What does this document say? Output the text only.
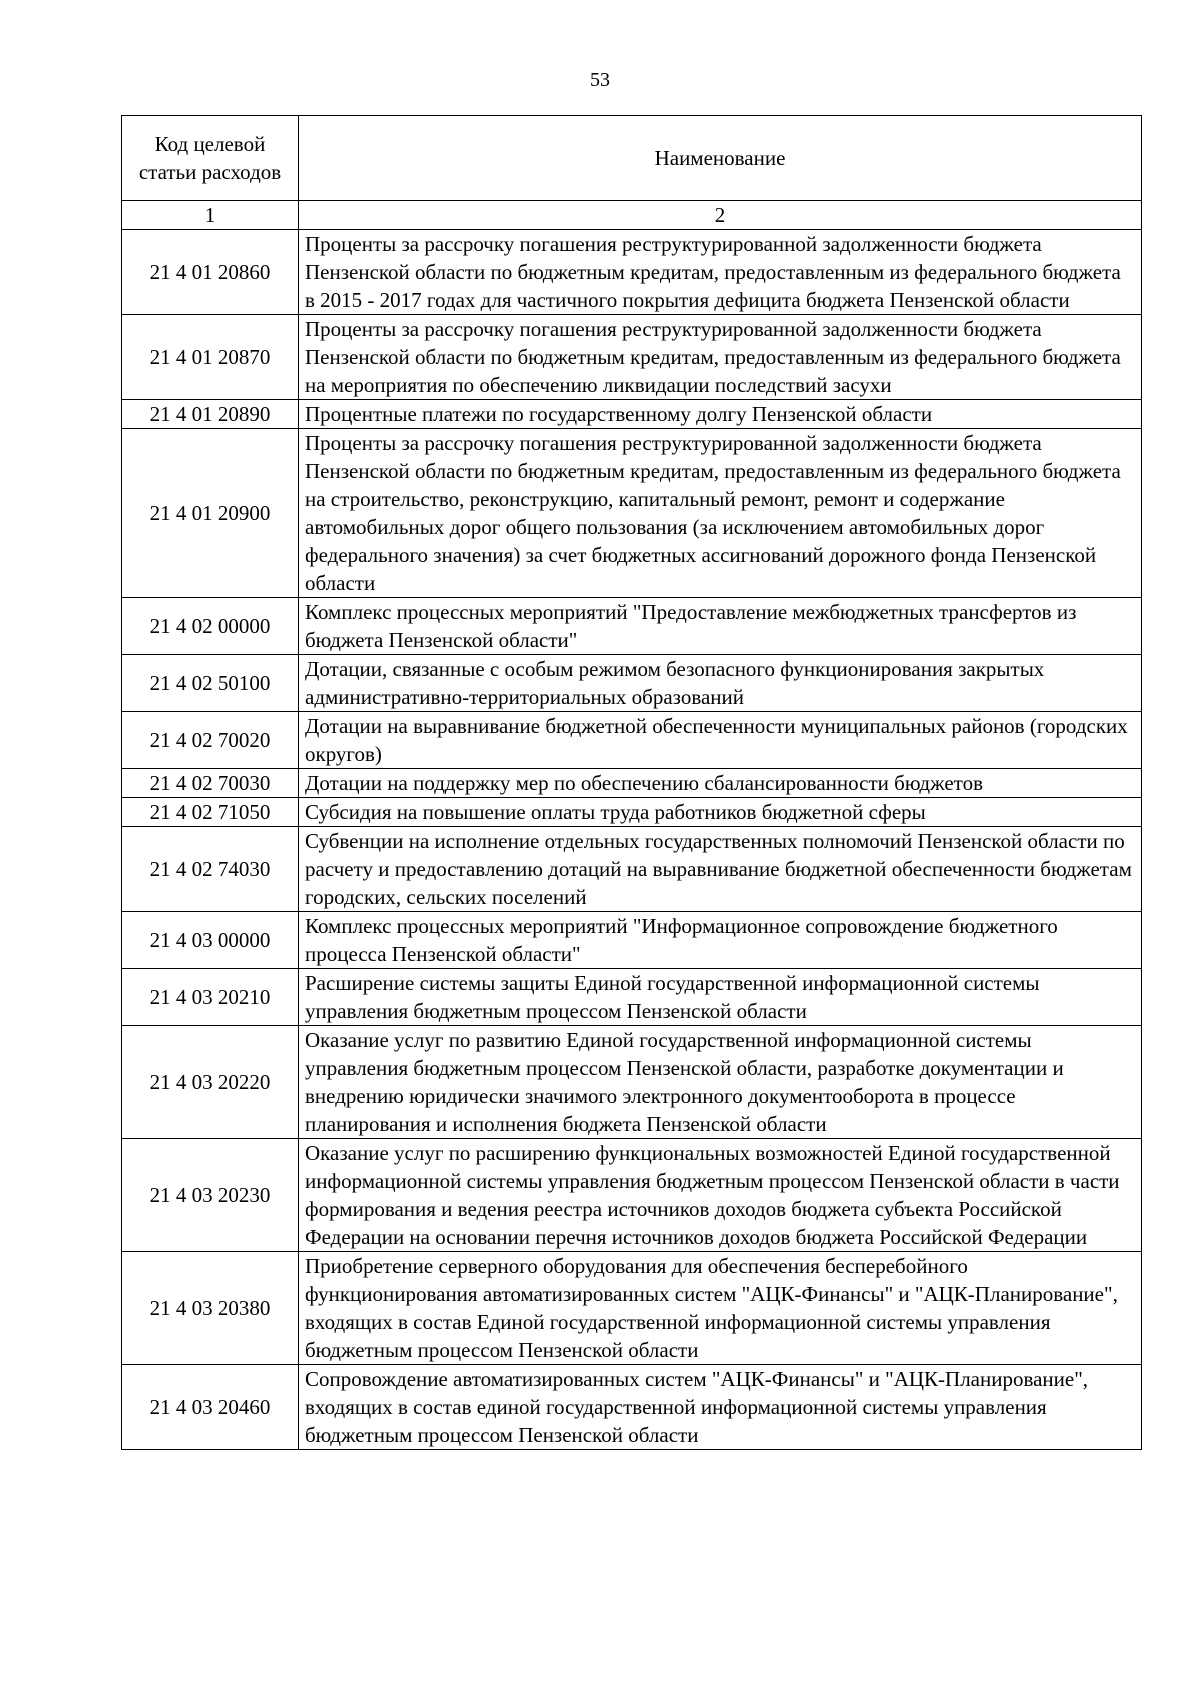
53
Код целевой статьи расходов	Наименование
1	2
21 4 01 20860	Проценты за рассрочку погашения реструктурированной задолженности бюджета Пензенской области по бюджетным кредитам, предоставленным из федерального бюджета в 2015 - 2017 годах для частичного покрытия дефицита бюджета Пензенской области
21 4 01 20870	Проценты за рассрочку погашения реструктурированной задолженности бюджета Пензенской области по бюджетным кредитам, предоставленным из федерального бюджета на мероприятия по обеспечению ликвидации последствий засухи
21 4 01 20890	Процентные платежи по государственному долгу Пензенской области
21 4 01 20900	Проценты за рассрочку погашения реструктурированной задолженности бюджета Пензенской области по бюджетным кредитам, предоставленным из федерального бюджета на строительство, реконструкцию, капитальный ремонт, ремонт и содержание автомобильных дорог общего пользования (за исключением автомобильных дорог федерального значения) за счет бюджетных ассигнований дорожного фонда Пензенской области
21 4 02 00000	Комплекс процессных мероприятий "Предоставление межбюджетных трансфертов из бюджета Пензенской области"
21 4 02 50100	Дотации, связанные с особым режимом безопасного функционирования закрытых административно-территориальных образований
21 4 02 70020	Дотации на выравнивание бюджетной обеспеченности муниципальных районов (городских округов)
21 4 02 70030	Дотации на поддержку мер по обеспечению сбалансированности бюджетов
21 4 02 71050	Субсидия на повышение оплаты труда работников бюджетной сферы
21 4 02 74030	Субвенции на исполнение отдельных государственных полномочий Пензенской области по расчету и предоставлению дотаций на выравнивание бюджетной обеспеченности бюджетам городских, сельских поселений
21 4 03 00000	Комплекс процессных мероприятий "Информационное сопровождение бюджетного процесса Пензенской области"
21 4 03 20210	Расширение системы защиты Единой государственной информационной системы управления бюджетным процессом Пензенской области
21 4 03 20220	Оказание услуг по развитию Единой государственной информационной системы управления бюджетным процессом Пензенской области, разработке документации и внедрению юридически значимого электронного документооборота в процессе планирования и исполнения бюджета Пензенской области
21 4 03 20230	Оказание услуг по расширению функциональных возможностей Единой государственной информационной системы управления бюджетным процессом Пензенской области в части формирования и ведения реестра источников доходов бюджета субъекта Российской Федерации на основании перечня источников доходов бюджета Российской Федерации
21 4 03 20380	Приобретение серверного оборудования для обеспечения бесперебойного функционирования автоматизированных систем "АЦК-Финансы" и "АЦК-Планирование", входящих в состав Единой государственной информационной системы управления бюджетным процессом Пензенской области
21 4 03 20460	Сопровождение автоматизированных систем "АЦК-Финансы" и "АЦК-Планирование", входящих в состав единой государственной информационной системы управления бюджетным процессом Пензенской области
